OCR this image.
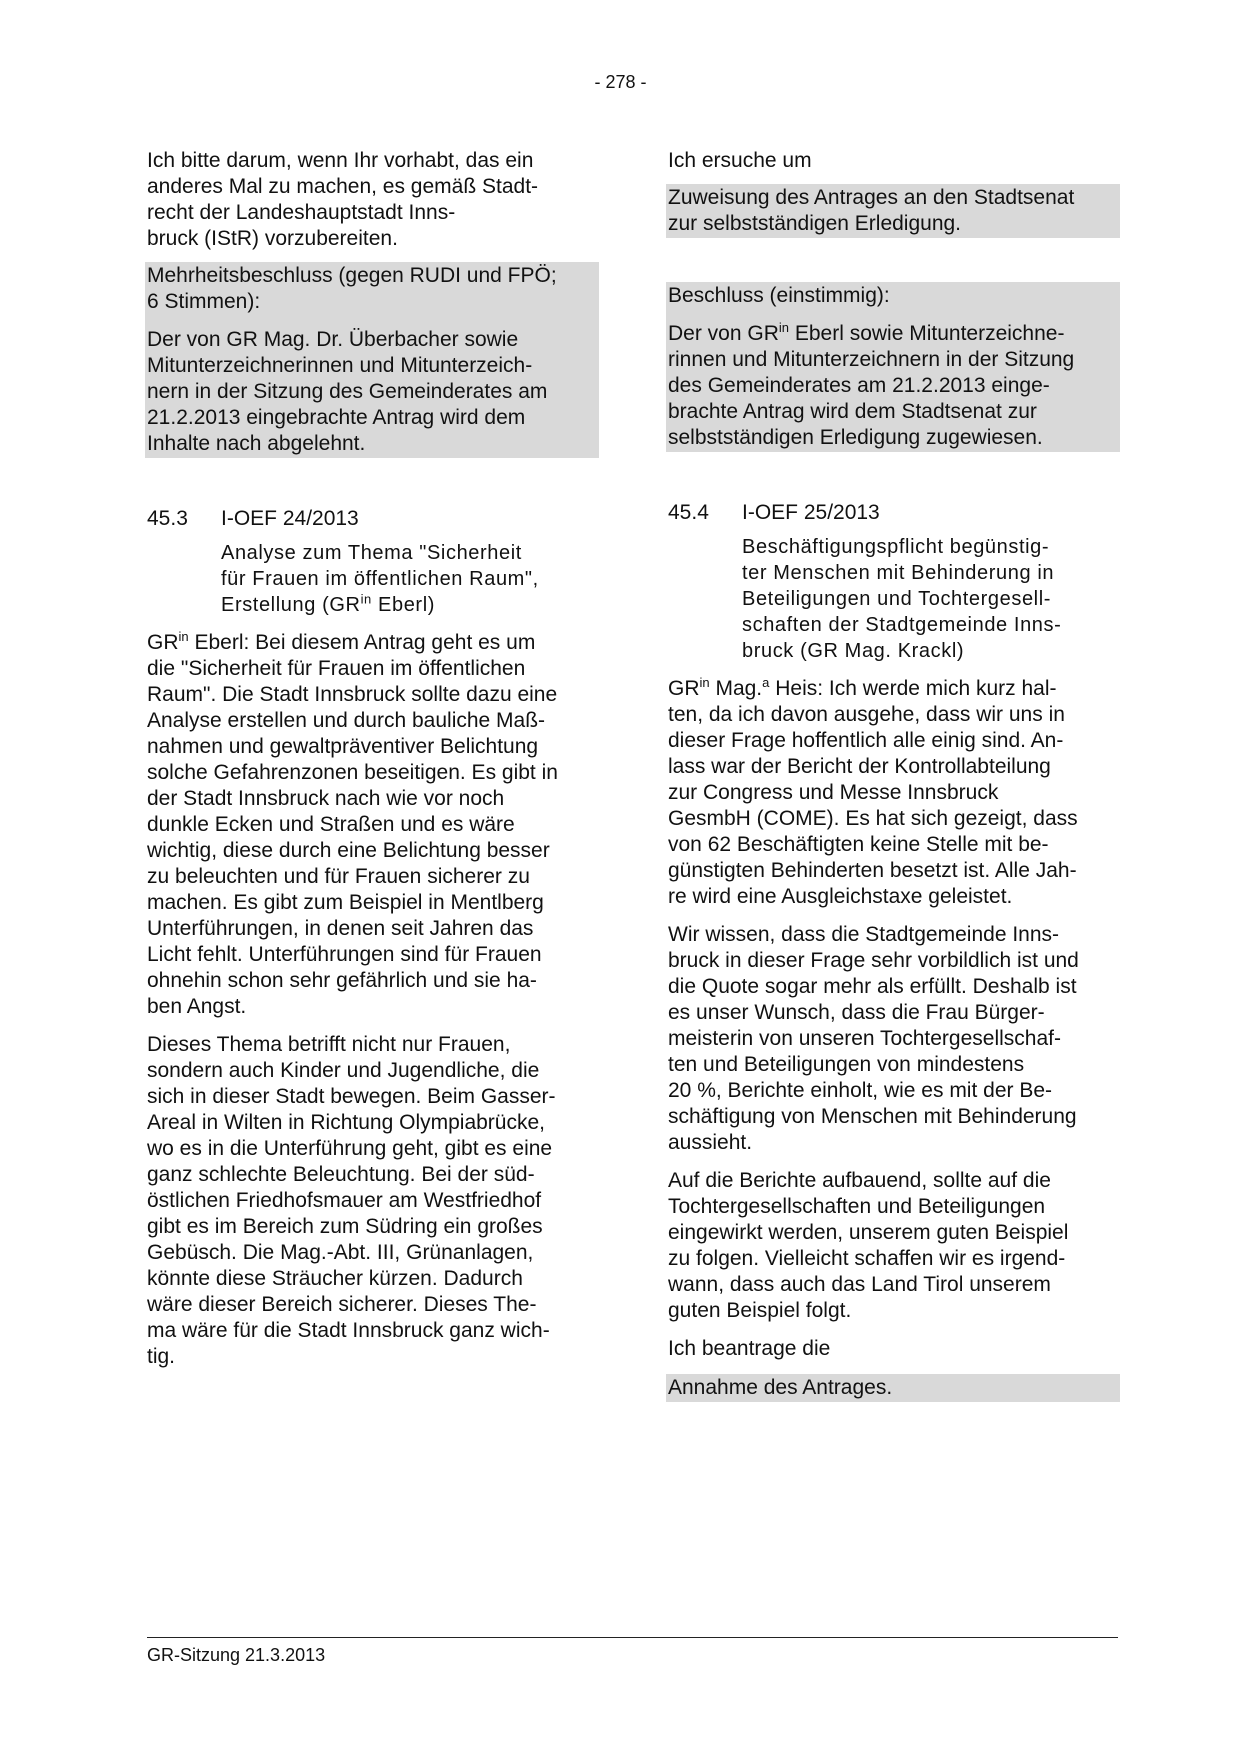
- 278 -

Ich bitte darum, wenn Ihr vorhabt, das ein
anderes Mal zu machen, es gemäß Stadt-
recht der Landeshauptstadt Inns-
bruck (IStR) vorzubereiten.

Mehrheitsbeschluss (gegen RUDI und FPÖ;
6 Stimmen):
Der von GR Mag. Dr. Überbacher sowie
Mitunterzeichnerinnen und Mitunterzeich-
nern in der Sitzung des Gemeinderates am
21.2.2013 eingebrachte Antrag wird dem
Inhalte nach abgelehnt.
45.3	I-OEF 24/2013
Analyse zum Thema "Sicherheit
für Frauen im öffentlichen Raum",
Erstellung ($GR^{in}$ Eberl)

$GR^{in}$ Eberl: Bei diesem Antrag geht es um
die "Sicherheit für Frauen im öffentlichen
Raum". Die Stadt Innsbruck sollte dazu eine
Analyse erstellen und durch bauliche Maß-
nahmen und gewaltpräventiver Belichtung
solche Gefahrenzonen beseitigen. Es gibt in
der Stadt Innsbruck nach wie vor noch
dunkle Ecken und Straßen und es wäre
wichtig, diese durch eine Belichtung besser
zu beleuchten und für Frauen sicherer zu
machen. Es gibt zum Beispiel in Mentlberg
Unterführungen, in denen seit Jahren das
Licht fehlt. Unterführungen sind für Frauen
ohnehin schon sehr gefährlich und sie ha-
ben Angst.

Dieses Thema betrifft nicht nur Frauen,
sondern auch Kinder und Jugendliche, die
sich in dieser Stadt bewegen. Beim Gasser-
Areal in Wilten in Richtung Olympiabrücke,
wo es in die Unterführung geht, gibt es eine
ganz schlechte Beleuchtung. Bei der süd-
östlichen Friedhofsmauer am Westfriedhof
gibt es im Bereich zum Südring ein großes
Gebüsch. Die Mag.-Abt. III, Grünanlagen,
könnte diese Sträucher kürzen. Dadurch
wäre dieser Bereich sicherer. Dieses The-
ma wäre für die Stadt Innsbruck ganz wich-
tig.

Ich ersuche um

Zuweisung des Antrages an den Stadtsenat
zur selbstständigen Erledigung.
Beschluss (einstimmig):
Der von $GR^{in}$ Eberl sowie Mitunterzeichne-
rinnen und Mitunterzeichnern in der Sitzung
des Gemeinderates am 21.2.2013 einge-
brachte Antrag wird dem Stadtsenat zur
selbstständigen Erledigung zugewiesen.
45.4	I-OEF 25/2013
Beschäftigungspflicht begünstig-
ter Menschen mit Behinderung in
Beteiligungen und Tochtergesell-
schaften der Stadtgemeinde Inns-
bruck (GR Mag. Krackl)

$GR^{in}$ Mag.$^a$ Heis: Ich werde mich kurz hal-
ten, da ich davon ausgehe, dass wir uns in
dieser Frage hoffentlich alle einig sind. An-
lass war der Bericht der Kontrollabteilung
zur Congress und Messe Innsbruck
GesmbH (COME). Es hat sich gezeigt, dass
von 62 Beschäftigten keine Stelle mit be-
günstigten Behinderten besetzt ist. Alle Jah-
re wird eine Ausgleichstaxe geleistet.

Wir wissen, dass die Stadtgemeinde Inns-
bruck in dieser Frage sehr vorbildlich ist und
die Quote sogar mehr als erfüllt. Deshalb ist
es unser Wunsch, dass die Frau Bürger-
meisterin von unseren Tochtergesellschaf-
ten und Beteiligungen von mindestens
20 %, Berichte einholt, wie es mit der Be-
schäftigung von Menschen mit Behinderung
aussieht.

Auf die Berichte aufbauend, sollte auf die
Tochtergesellschaften und Beteiligungen
eingewirkt werden, unserem guten Beispiel
zu folgen. Vielleicht schaffen wir es irgend-
wann, dass auch das Land Tirol unserem
guten Beispiel folgt.

Ich beantrage die

Annahme des Antrages.
GR-Sitzung 21.3.2013
